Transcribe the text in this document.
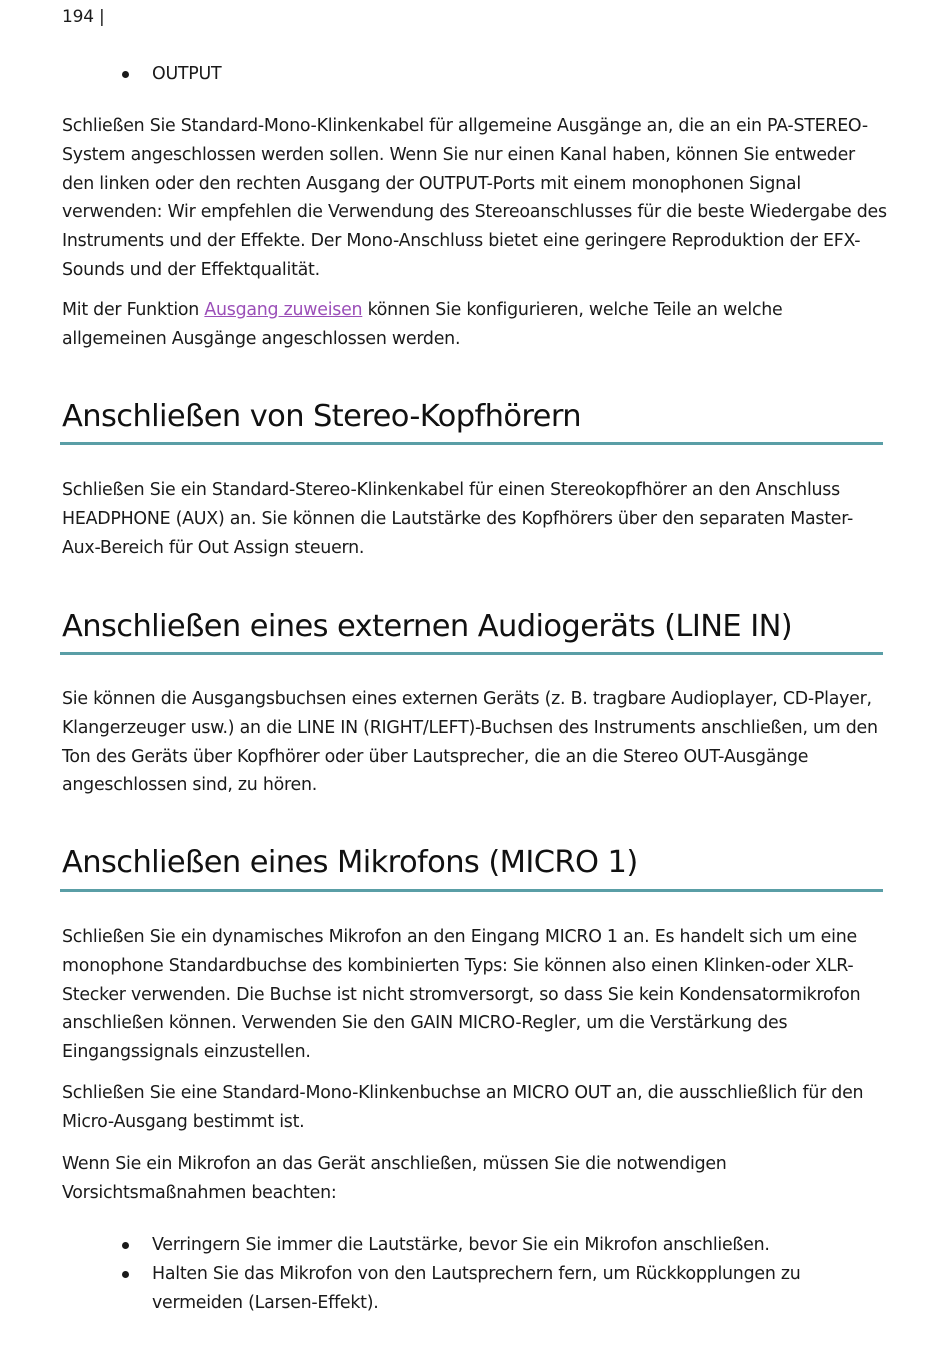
194 |
OUTPUT

Schließen Sie Standard-Mono-Klinkenkabel für allgemeine Ausgänge an, die an ein PA-STEREO-System angeschlossen werden sollen. Wenn Sie nur einen Kanal haben, können Sie entweder den linken oder den rechten Ausgang der OUTPUT-Ports mit einem monophonen Signal verwenden: Wir empfehlen die Verwendung des Stereoanschlusses für die beste Wiedergabe des Instruments und der Effekte. Der Mono-Anschluss bietet eine geringere Reproduktion der EFX-Sounds und der Effektqualität.

Mit der Funktion Ausgang zuweisen können Sie konfigurieren, welche Teile an welche allgemeinen Ausgänge angeschlossen werden.

Anschließen von Stereo-Kopfhörern

Schließen Sie ein Standard-Stereo-Klinkenkabel für einen Stereokopfhörer an den Anschluss HEADPHONE (AUX) an. Sie können die Lautstärke des Kopfhörers über den separaten Master-Aux-Bereich für Out Assign steuern.

Anschließen eines externen Audiogeräts (LINE IN)

Sie können die Ausgangsbuchsen eines externen Geräts (z. B. tragbare Audioplayer, CD-Player, Klangerzeuger usw.) an die LINE IN (RIGHT/LEFT)-Buchsen des Instruments anschließen, um den Ton des Geräts über Kopfhörer oder über Lautsprecher, die an die Stereo OUT-Ausgänge angeschlossen sind, zu hören.

Anschließen eines Mikrofons (MICRO 1)

Schließen Sie ein dynamisches Mikrofon an den Eingang MICRO 1 an. Es handelt sich um eine monophone Standardbuchse des kombinierten Typs: Sie können also einen Klinken-oder XLR-Stecker verwenden. Die Buchse ist nicht stromversorgt, so dass Sie kein Kondensatormikrofon anschließen können. Verwenden Sie den GAIN MICRO-Regler, um die Verstärkung des Eingangssignals einzustellen.

Schließen Sie eine Standard-Mono-Klinkenbuchse an MICRO OUT an, die ausschließlich für den Micro-Ausgang bestimmt ist.

Wenn Sie ein Mikrofon an das Gerät anschließen, müssen Sie die notwendigen Vorsichtsmaßnahmen beachten:

Verringern Sie immer die Lautstärke, bevor Sie ein Mikrofon anschließen.
Halten Sie das Mikrofon von den Lautsprechern fern, um Rückkopplungen zu vermeiden (Larsen-Effekt).
